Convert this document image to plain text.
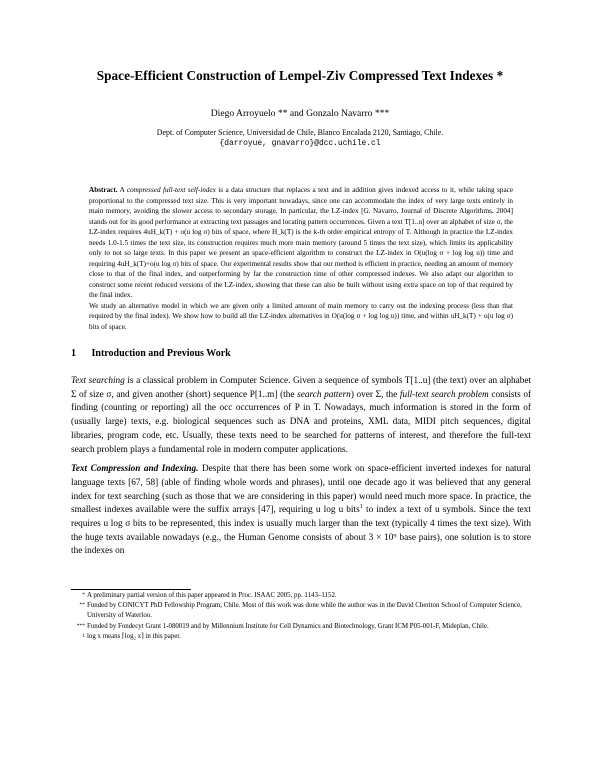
Space-Efficient Construction of Lempel-Ziv Compressed Text Indexes *
Diego Arroyuelo ** and Gonzalo Navarro ***
Dept. of Computer Science, Universidad de Chile, Blanco Encalada 2120, Santiago, Chile.
{darroyue, gnavarro}@dcc.uchile.cl

Abstract. A compressed full-text self-index is a data structure that replaces a text and in addition gives indexed access to it, while taking space proportional to the compressed text size. This is very important nowadays, since one can accommodate the index of very large texts entirely in main memory, avoiding the slower access to secondary storage. In particular, the LZ-index [G. Navarro, Journal of Discrete Algorithms, 2004] stands out for its good performance at extracting text passages and locating pattern occurrences. Given a text T[1..u] over an alphabet of size σ, the LZ-index requires 4uH_k(T) + o(u log σ) bits of space, where H_k(T) is the k-th order empirical entropy of T. Although in practice the LZ-index needs 1.0-1.5 times the text size, its construction requires much more main memory (around 5 times the text size), which limits its applicability only to not so large texts. In this paper we present an space-efficient algorithm to construct the LZ-index in O(u(log σ + log log u)) time and requiring 4uH_k(T)+o(u log σ) bits of space. Our experimental results show that our method is efficient in practice, needing an amount of memory close to that of the final index, and outperforming by far the construction time of other compressed indexes. We also adapt our algorithm to construct some recent reduced versions of the LZ-index, showing that these can also be built without using extra space on top of that required by the final index.

We study an alternative model in which we are given only a limited amount of main memory to carry out the indexing process (less than that required by the final index). We show how to build all the LZ-index alternatives in O(u(log σ + log log u)) time, and within uH_k(T) + o(u log σ) bits of space.

1 Introduction and Previous Work

Text searching is a classical problem in Computer Science. Given a sequence of symbols T[1..u] (the text) over an alphabet Σ of size σ, and given another (short) sequence P[1..m] (the search pattern) over Σ, the full-text search problem consists of finding (counting or reporting) all the occ occurrences of P in T. Nowadays, much information is stored in the form of (usually large) texts, e.g. biological sequences such as DNA and proteins, XML data, MIDI pitch sequences, digital libraries, program code, etc. Usually, these texts need to be searched for patterns of interest, and therefore the full-text search problem plays a fundamental role in modern computer applications.

Text Compression and Indexing. Despite that there has been some work on space-efficient inverted indexes for natural language texts [67, 58] (able of finding whole words and phrases), until one decade ago it was believed that any general index for text searching (such as those that we are considering in this paper) would need much more space. In practice, the smallest indexes available were the suffix arrays [47], requiring u log u bits$^1$ to index a text of u symbols. Since the text requires u log σ bits to be represented, this index is usually much larger than the text (typically 4 times the text size). With the huge texts available nowadays (e.g., the Human Genome consists of about 3 × 10⁹ base pairs), one solution is to store the indexes on

* A preliminary partial version of this paper appeared in Proc. ISAAC 2005, pp. 1143–1152.
** Funded by CONICYT PhD Fellowship Program, Chile. Most of this work was done while the author was in the David Cheriton School of Computer Science, University of Waterloo.
*** Funded by Fondecyt Grant 1-080019 and by Millennium Institute for Cell Dynamics and Biotechnology, Grant ICM P05-001-F, Mideplan, Chile.
1 log x means ⌈log₂ x⌉ in this paper.
